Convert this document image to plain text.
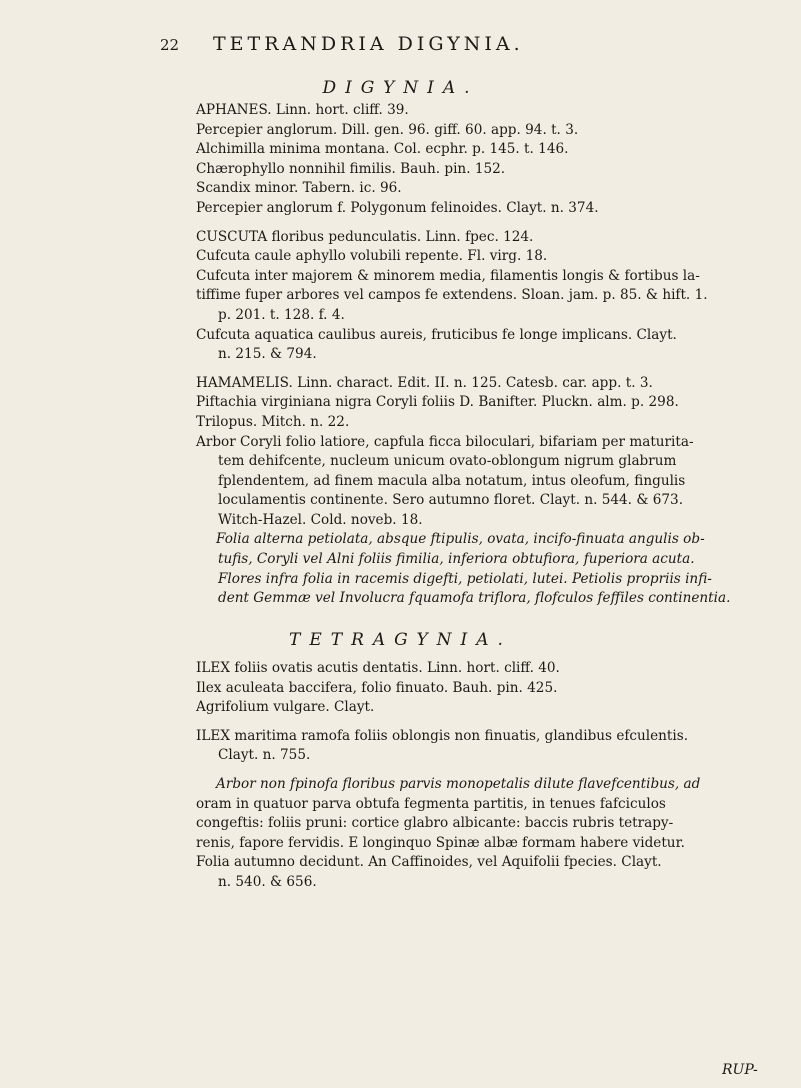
22 TETRANDRIA DIGYNIA.
DIGYNIA.

APHANES. Linn. hort. cliff. 39.

Percepier anglorum. Dill. gen. 96. giff. 60. app. 94. t. 3.

Alchimilla minima montana. Col. ecphr. p. 145. t. 146.

Chærophyllo nonnihil fimilis. Bauh. pin. 152.

Scandix minor. Tabern. ic. 96.

Percepier anglorum f. Polygonum felinoides. Clayt. n. 374.

CUSCUTA floribus pedunculatis. Linn. fpec. 124.

Cufcuta caule aphyllo volubili repente. Fl. virg. 18.

Cufcuta inter majorem & minorem media, filamentis longis & fortibus la-

tiffime fuper arbores vel campos fe extendens. Sloan. jam. p. 85. & hift. 1.

p. 201. t. 128. f. 4.

Cufcuta aquatica caulibus aureis, fruticibus fe longe implicans. Clayt.

n. 215. & 794.

HAMAMELIS. Linn. charact. Edit. II. n. 125. Catesb. car. app. t. 3.

Piftachia virginiana nigra Coryli foliis D. Banifter. Pluckn. alm. p. 298.

Trilopus. Mitch. n. 22.

Arbor Coryli folio latiore, capfula ficca biloculari, bifariam per maturita-

tem dehifcente, nucleum unicum ovato-oblongum nigrum glabrum

fplendentem, ad finem macula alba notatum, intus oleofum, fingulis

loculamentis continente. Sero autumno floret. Clayt. n. 544. & 673.

Witch-Hazel. Cold. noveb. 18.

Folia alterna petiolata, absque ftipulis, ovata, incifo-finuata angulis ob-

tufis, Coryli vel Alni foliis fimilia, inferiora obtufiora, fuperiora acuta.

Flores infra folia in racemis digefti, petiolati, lutei. Petiolis propriis infi-

dent Gemmæ vel Involucra fquamofa triflora, flofculos feffiles continentia.

TETRAGYNIA.

ILEX foliis ovatis acutis dentatis. Linn. hort. cliff. 40.

Ilex aculeata baccifera, folio finuato. Bauh. pin. 425.

Agrifolium vulgare. Clayt.

ILEX maritima ramofa foliis oblongis non finuatis, glandibus efculentis.

Clayt. n. 755.

Arbor non fpinofa floribus parvis monopetalis dilute flavefcentibus, ad

oram in quatuor parva obtufa fegmenta partitis, in tenues fafciculos

congeftis: foliis pruni: cortice glabro albicante: baccis rubris tetrapy-

renis, fapore fervidis. E longinquo Spinæ albæ formam habere videtur.

Folia autumno decidunt. An Caffinoides, vel Aquifolii fpecies. Clayt.

n. 540. & 656.

RUP-
